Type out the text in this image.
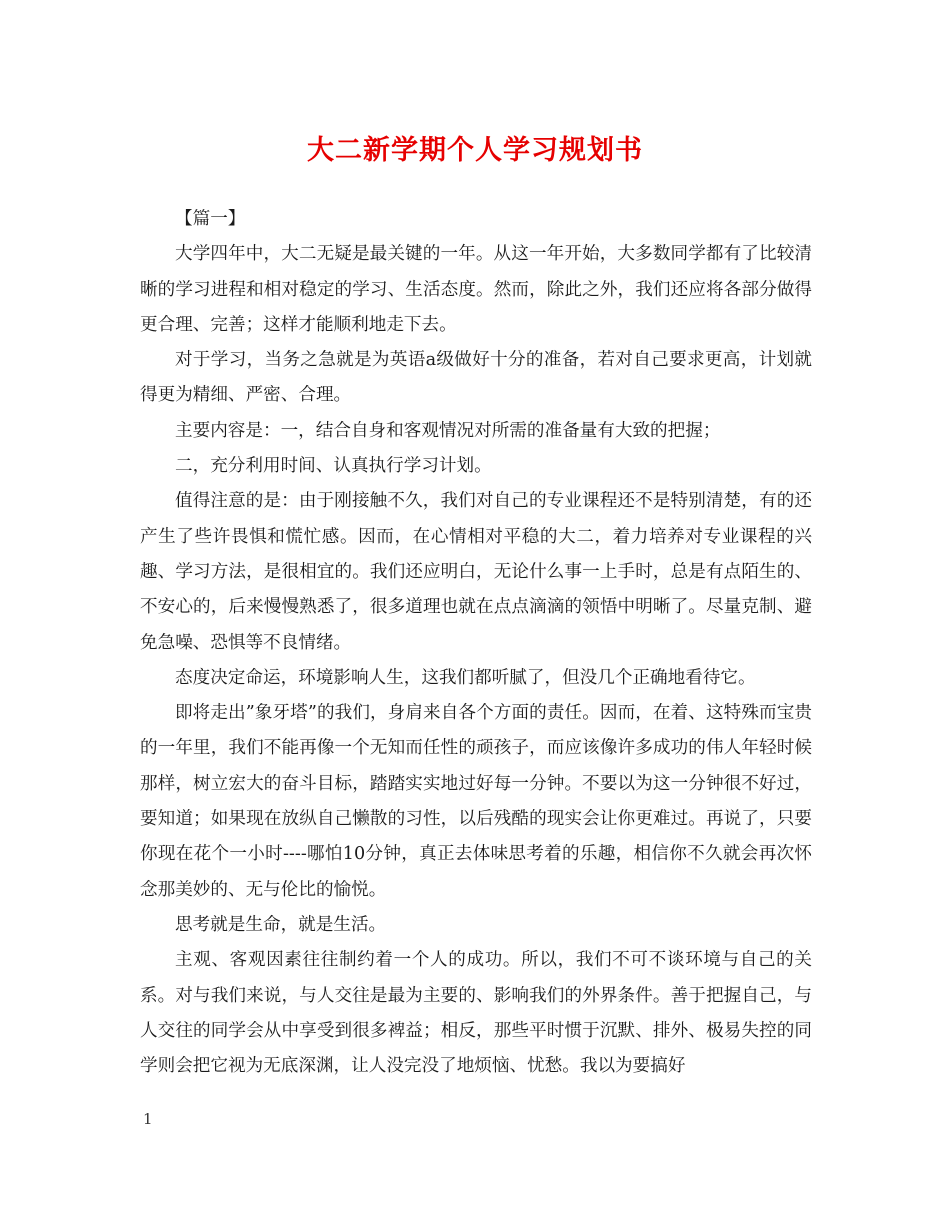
大二新学期个人学习规划书

【篇一】

大学四年中，大二无疑是最关键的一年。从这一年开始，大多数同学都有了比较清晰的学习进程和相对稳定的学习、生活态度。然而，除此之外，我们还应将各部分做得更合理、完善；这样才能顺利地走下去。

对于学习，当务之急就是为英语a级做好十分的准备，若对自己要求更高，计划就得更为精细、严密、合理。

主要内容是：一，结合自身和客观情况对所需的准备量有大致的把握；

二，充分利用时间、认真执行学习计划。

值得注意的是：由于刚接触不久，我们对自己的专业课程还不是特别清楚，有的还产生了些许畏惧和慌忙感。因而，在心情相对平稳的大二，着力培养对专业课程的兴趣、学习方法，是很相宜的。我们还应明白，无论什么事一上手时，总是有点陌生的、不安心的，后来慢慢熟悉了，很多道理也就在点点滴滴的领悟中明晰了。尽量克制、避免急噪、恐惧等不良情绪。

态度决定命运，环境影响人生，这我们都听腻了，但没几个正确地看待它。

即将走出”象牙塔”的我们，身肩来自各个方面的责任。因而，在着、这特殊而宝贵的一年里，我们不能再像一个无知而任性的顽孩子，而应该像许多成功的伟人年轻时候那样，树立宏大的奋斗目标，踏踏实实地过好每一分钟。不要以为这一分钟很不好过，要知道；如果现在放纵自己懒散的习性，以后残酷的现实会让你更难过。再说了，只要你现在花个一小时----哪怕10分钟，真正去体味思考着的乐趣，相信你不久就会再次怀念那美妙的、无与伦比的愉悦。

思考就是生命，就是生活。

主观、客观因素往往制约着一个人的成功。所以，我们不可不谈环境与自己的关系。对与我们来说，与人交往是最为主要的、影响我们的外界条件。善于把握自己，与人交往的同学会从中享受到很多裨益；相反，那些平时惯于沉默、排外、极易失控的同学则会把它视为无底深渊，让人没完没了地烦恼、忧愁。我以为要搞好

1
